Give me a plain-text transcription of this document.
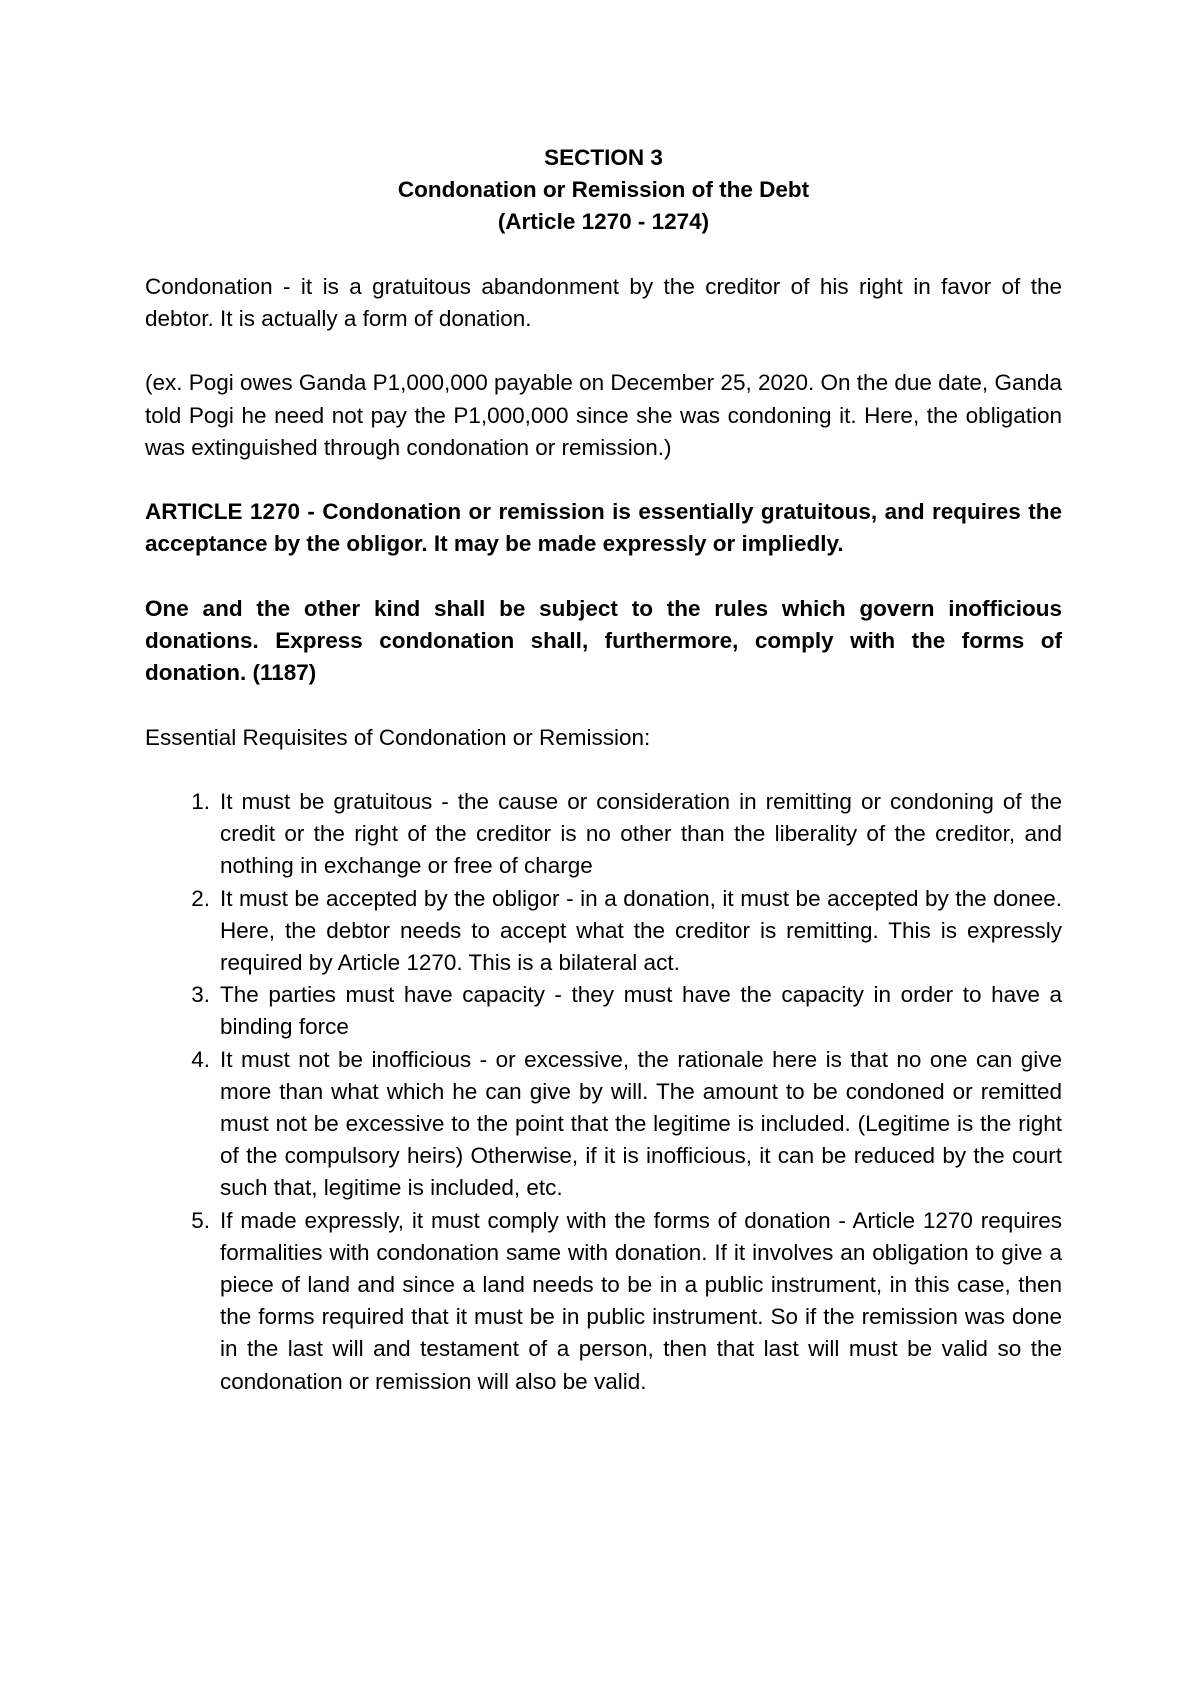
SECTION 3

Condonation or Remission of the Debt

(Article 1270 - 1274)

Condonation - it is a gratuitous abandonment by the creditor of his right in favor of the debtor. It is actually a form of donation.

(ex. Pogi owes Ganda P1,000,000 payable on December 25, 2020. On the due date, Ganda told Pogi he need not pay the P1,000,000 since she was condoning it. Here, the obligation was extinguished through condonation or remission.)

ARTICLE 1270 - Condonation or remission is essentially gratuitous, and requires the acceptance by the obligor. It may be made expressly or impliedly.

One and the other kind shall be subject to the rules which govern inofficious donations. Express condonation shall, furthermore, comply with the forms of donation. (1187)

Essential Requisites of Condonation or Remission:

1. It must be gratuitous - the cause or consideration in remitting or condoning of the credit or the right of the creditor is no other than the liberality of the creditor, and nothing in exchange or free of charge
2. It must be accepted by the obligor - in a donation, it must be accepted by the donee. Here, the debtor needs to accept what the creditor is remitting. This is expressly required by Article 1270. This is a bilateral act.
3. The parties must have capacity - they must have the capacity in order to have a binding force
4. It must not be inofficious - or excessive, the rationale here is that no one can give more than what which he can give by will. The amount to be condoned or remitted must not be excessive to the point that the legitime is included. (Legitime is the right of the compulsory heirs) Otherwise, if it is inofficious, it can be reduced by the court such that, legitime is included, etc.
5. If made expressly, it must comply with the forms of donation - Article 1270 requires formalities with condonation same with donation. If it involves an obligation to give a piece of land and since a land needs to be in a public instrument, in this case, then the forms required that it must be in public instrument. So if the remission was done in the last will and testament of a person, then that last will must be valid so the condonation or remission will also be valid.
